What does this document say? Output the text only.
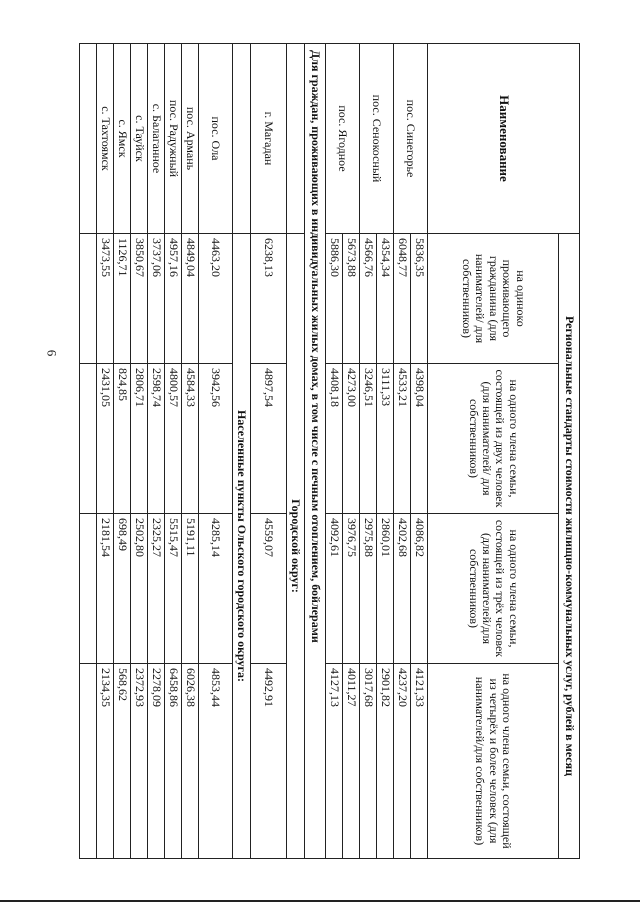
6
Наименование	Региональные стандарты стоимости жилищно-коммунальных услуг, рублей в месяц			
	на одиноко проживающего гражданина (для нанимателей/ для собственников)	на одного члена семьи, состоящей из двух человек (для нанимателей/ для собственников)	на одного члена семьи, состоящей из трёх человек (для нанимателей/для собственников)	на одного члена семьи, состоящей из четырёх и более человек (для нанимателей/для собственников)
пос. Синегорье	5836,35	4398,04	4086,82	4121,33
	6048,77	4533,21	4202,68	4237,20
пос. Сенокосный	4354,34	3111,33	2860,01	2901,82
	4566,76	3246,51	2975,88	3017,68
пос. Ягодное	5673,88	4273,00	3976,75	4011,27
	5886,30	4408,18	4092,61	4127,13
Для граждан, проживающих в индивидуальных жилых домах, в том числе с печным отоплением, бойлерами				
	Городской округ:			
г. Магадан	6238,13	4897,54	4559,07	4492,91
	Населенные пункты Ольского городского округа:			
пос. Ола	4463,20	3942,56	4285,14	4853,44
пос. Армань	4849,04	4584,33	5191,11	6026,38
пос. Радужный	4957,16	4800,57	5515,47	6458,86
с. Балаганное	3737,06	2598,74	2325,27	2278,09
с. Тауйск	3850,67	2806,71	2502,80	2372,93
с. Ямск	1126,71	824,85	698,49	568,62
с. Тахтоямск	3473,55	2431,05	2181,54	2134,35
